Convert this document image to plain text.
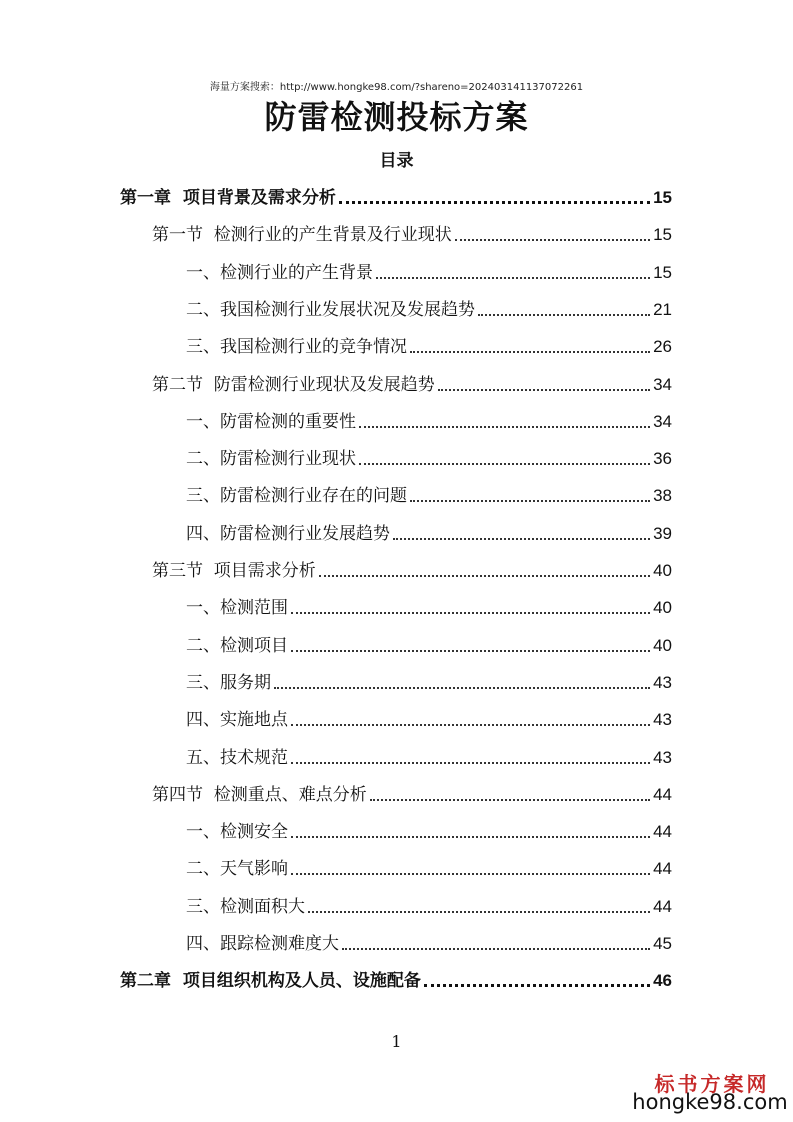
海量方案搜索：http://www.hongke98.com/?shareno=20240314113707226​1
防雷检测投标方案
目录
第一章  项目背景及需求分析	15
第一节  检测行业的产生背景及行业现状	15
一、检测行业的产生背景	15
二、我国检测行业发展状况及发展趋势	21
三、我国检测行业的竞争情况	26
第二节  防雷检测行业现状及发展趋势	34
一、防雷检测的重要性	34
二、防雷检测行业现状	36
三、防雷检测行业存在的问题	38
四、防雷检测行业发展趋势	39
第三节  项目需求分析	40
一、检测范围	40
二、检测项目	40
三、服务期	43
四、实施地点	43
五、技术规范	43
第四节  检测重点、难点分析	44
一、检测安全	44
二、天气影响	44
三、检测面积大	44
四、跟踪检测难度大	45
第二章  项目组织机构及人员、设施配备	46
1
标书方案网
hongke98.com
